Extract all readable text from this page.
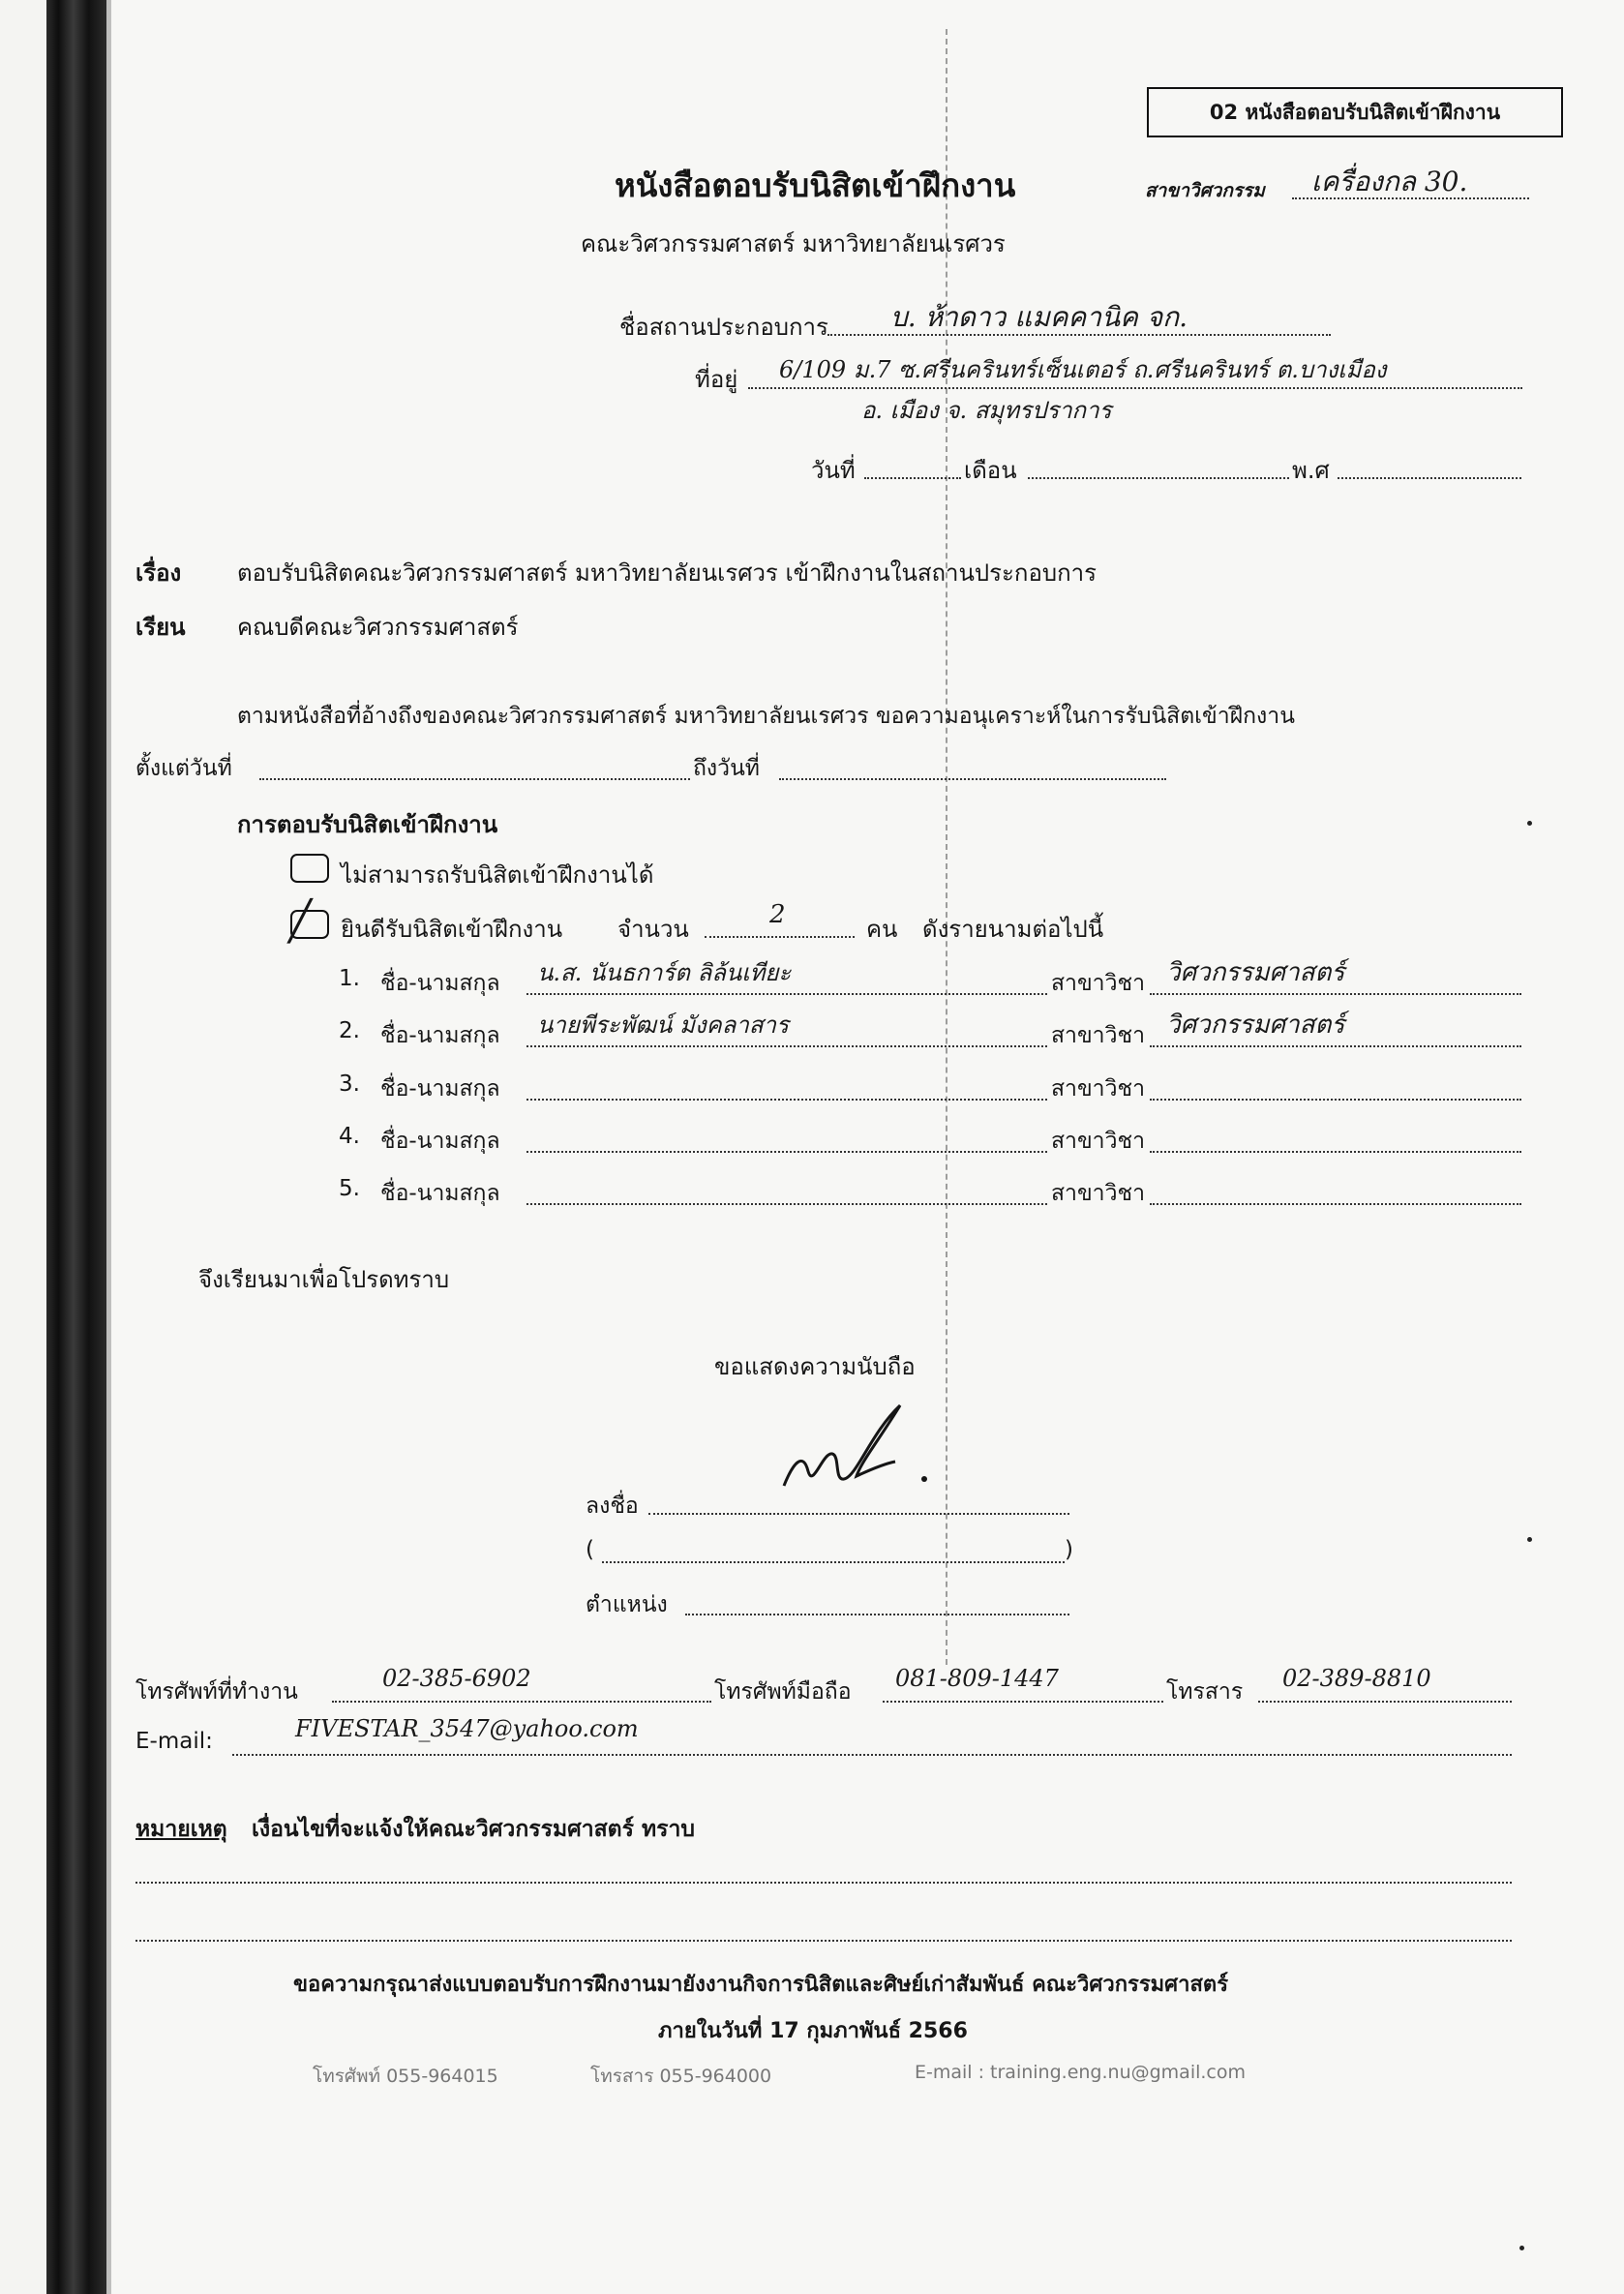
02 หนังสือตอบรับนิสิตเข้าฝึกงาน
หนังสือตอบรับนิสิตเข้าฝึกงาน	สาขาวิศวกรรม เครื่องกล 30.
คณะวิศวกรรมศาสตร์ มหาวิทยาลัยนเรศวร
ชื่อสถานประกอบการ บ. ห้าดาว แมคคานิค จก.
ที่อยู่ 6/109 ม.7 ซ.ศรีนครินทร์เซ็นเตอร์ ถ.ศรีนครินทร์ ต.บางเมือง
อ. เมือง จ. สมุทรปราการ
วันที่	เดือน	พ.ศ
เรื่อง ตอบรับนิสิตคณะวิศวกรรมศาสตร์ มหาวิทยาลัยนเรศวร เข้าฝึกงานในสถานประกอบการ
เรียน คณบดีคณะวิศวกรรมศาสตร์
ตามหนังสือที่อ้างถึงของคณะวิศวกรรมศาสตร์ มหาวิทยาลัยนเรศวร ขอความอนุเคราะห์ในการรับนิสิตเข้าฝึกงาน
ตั้งแต่วันที่	ถึงวันที่
การตอบรับนิสิตเข้าฝึกงาน
ไม่สามารถรับนิสิตเข้าฝึกงานได้
╱ ยินดีรับนิสิตเข้าฝึกงาน จำนวน	2	คน ดังรายนามต่อไปนี้
1. ชื่อ-นามสกุล น.ส. นันธการ์ต ลิล้นเทียะ	สาขาวิชา วิศวกรรมศาสตร์
2. ชื่อ-นามสกุล นายพีระพัฒน์ มังคลาสาร	สาขาวิชา วิศวกรรมศาสตร์
3. ชื่อ-นามสกุล	สาขาวิชา
4. ชื่อ-นามสกุล	สาขาวิชา
5. ชื่อ-นามสกุล	สาขาวิชา
จึงเรียนมาเพื่อโปรดทราบ
ขอแสดงความนับถือ
ลงชื่อ
(	)
ตำแหน่ง
โทรศัพท์ที่ทำงาน	02-385-6902	โทรศัพท์มือถือ 081-809-1447	โทรสาร 02-389-8810
E-mail:	FIVESTAR_3547@yahoo.com
หมายเหตุ เงื่อนไขที่จะแจ้งให้คณะวิศวกรรมศาสตร์ ทราบ
ขอความกรุณาส่งแบบตอบรับการฝึกงานมายังงานกิจการนิสิตและศิษย์เก่าสัมพันธ์ คณะวิศวกรรมศาสตร์
ภายในวันที่ 17 กุมภาพันธ์ 2566
โทรศัพท์ 055-964015	โทรสาร 055-964000	E-mail : training.eng.nu@gmail.com
